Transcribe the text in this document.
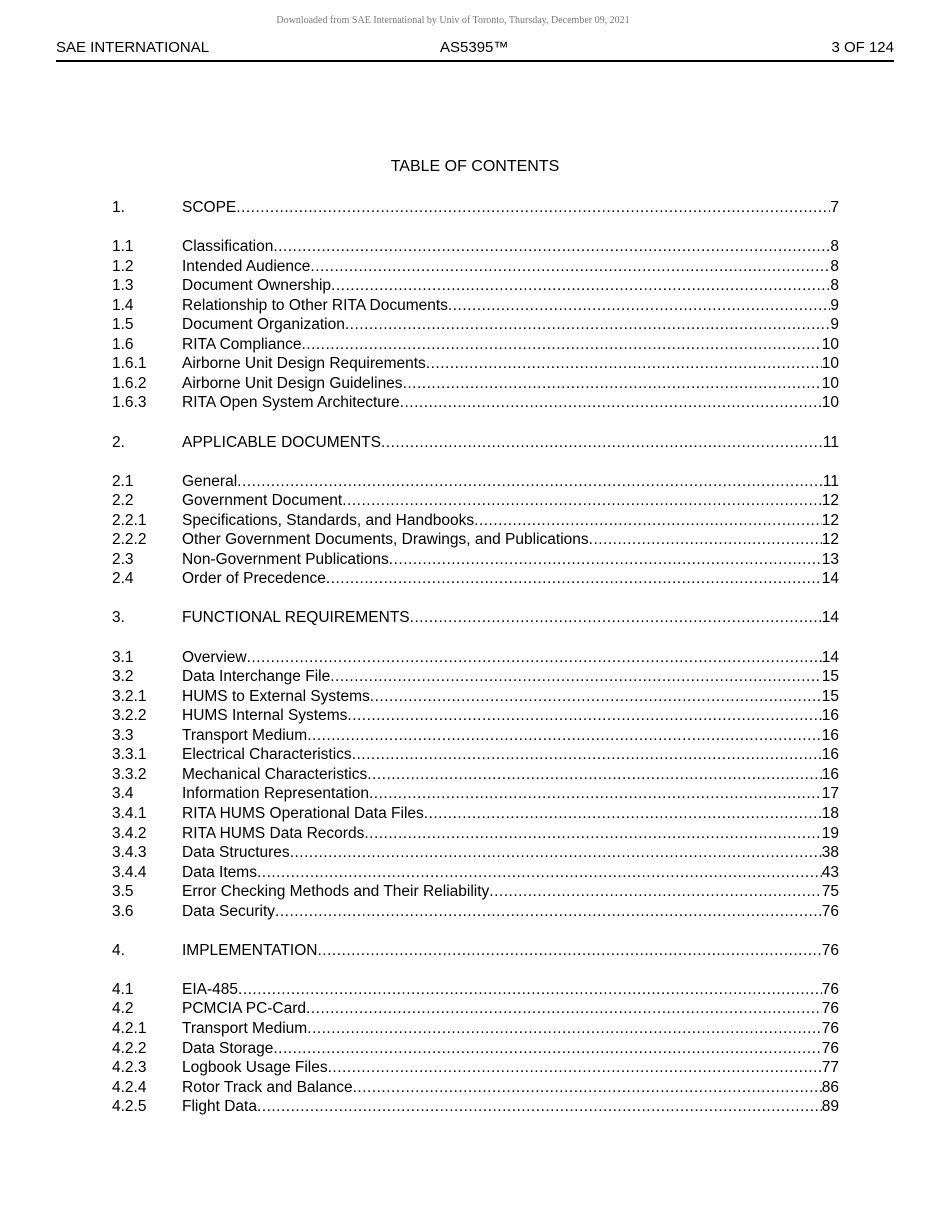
Downloaded from SAE International by Univ of Toronto, Thursday, December 09, 2021
SAE INTERNATIONAL	AS5395™	3 OF 124
TABLE OF CONTENTS
1.	SCOPE .....	7
1.1	Classification .....	8
1.2	Intended Audience .....	8
1.3	Document Ownership .....	8
1.4	Relationship to Other RITA Documents .....	9
1.5	Document Organization .....	9
1.6	RITA Compliance .....	10
1.6.1 Airborne Unit Design Requirements .....	10
1.6.2 Airborne Unit Design Guidelines .....	10
1.6.3 RITA Open System Architecture .....	10
2.	APPLICABLE DOCUMENTS .....	11
2.1	General .....	11
2.2	Government Document .....	12
2.2.1 Specifications, Standards, and Handbooks .....	12
2.2.2 Other Government Documents, Drawings, and Publications .....	12
2.3	Non-Government Publications .....	13
2.4	Order of Precedence .....	14
3.	FUNCTIONAL REQUIREMENTS .....	14
3.1	Overview .....	14
3.2	Data Interchange File .....	15
3.2.1 HUMS to External Systems .....	15
3.2.2 HUMS Internal Systems .....	16
3.3	Transport Medium .....	16
3.3.1 Electrical Characteristics .....	16
3.3.2 Mechanical Characteristics .....	16
3.4	Information Representation .....	17
3.4.1 RITA HUMS Operational Data Files .....	18
3.4.2 RITA HUMS Data Records .....	19
3.4.3 Data Structures .....	38
3.4.4 Data Items .....	43
3.5	Error Checking Methods and Their Reliability .....	75
3.6	Data Security .....	76
4.	IMPLEMENTATION .....	76
4.1	EIA-485 .....	76
4.2	PCMCIA PC-Card .....	76
4.2.1 Transport Medium .....	76
4.2.2 Data Storage .....	76
4.2.3 Logbook Usage Files .....	77
4.2.4 Rotor Track and Balance .....	86
4.2.5 Flight Data .....	89
